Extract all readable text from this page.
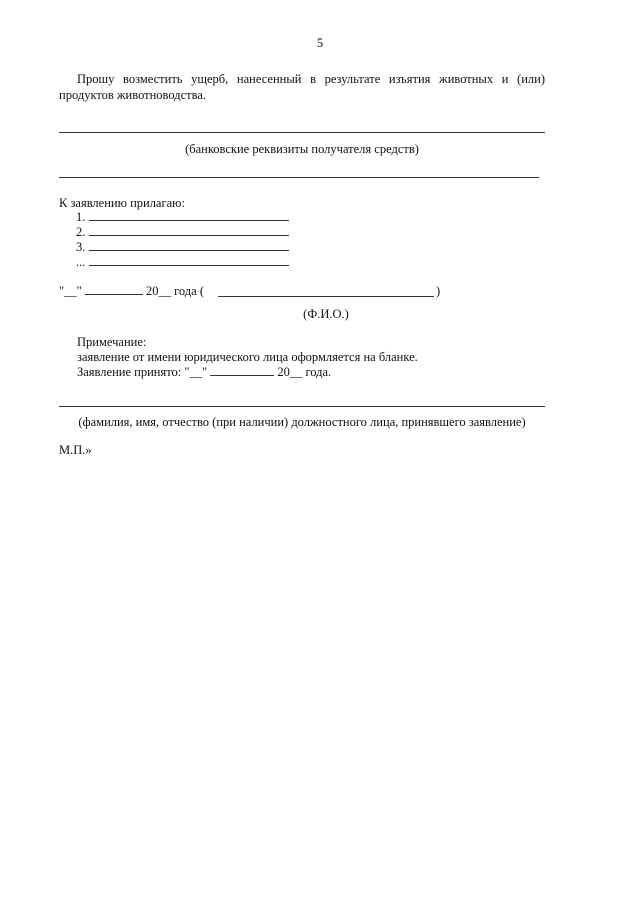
5
Прошу возместить ущерб, нанесенный в результате изъятия животных и (или)
продуктов животноводства.
(банковские реквизиты получателя средств)
К заявлению прилагаю:
1.
2.
3.
...
"__"	20__ года (	)
(Ф.И.О.)
Примечание:
заявление от имени юридического лица оформляется на бланке.
Заявление принято: "__"	20__ года.
(фамилия, имя, отчество (при наличии) должностного лица, принявшего заявление)
М.П.»
